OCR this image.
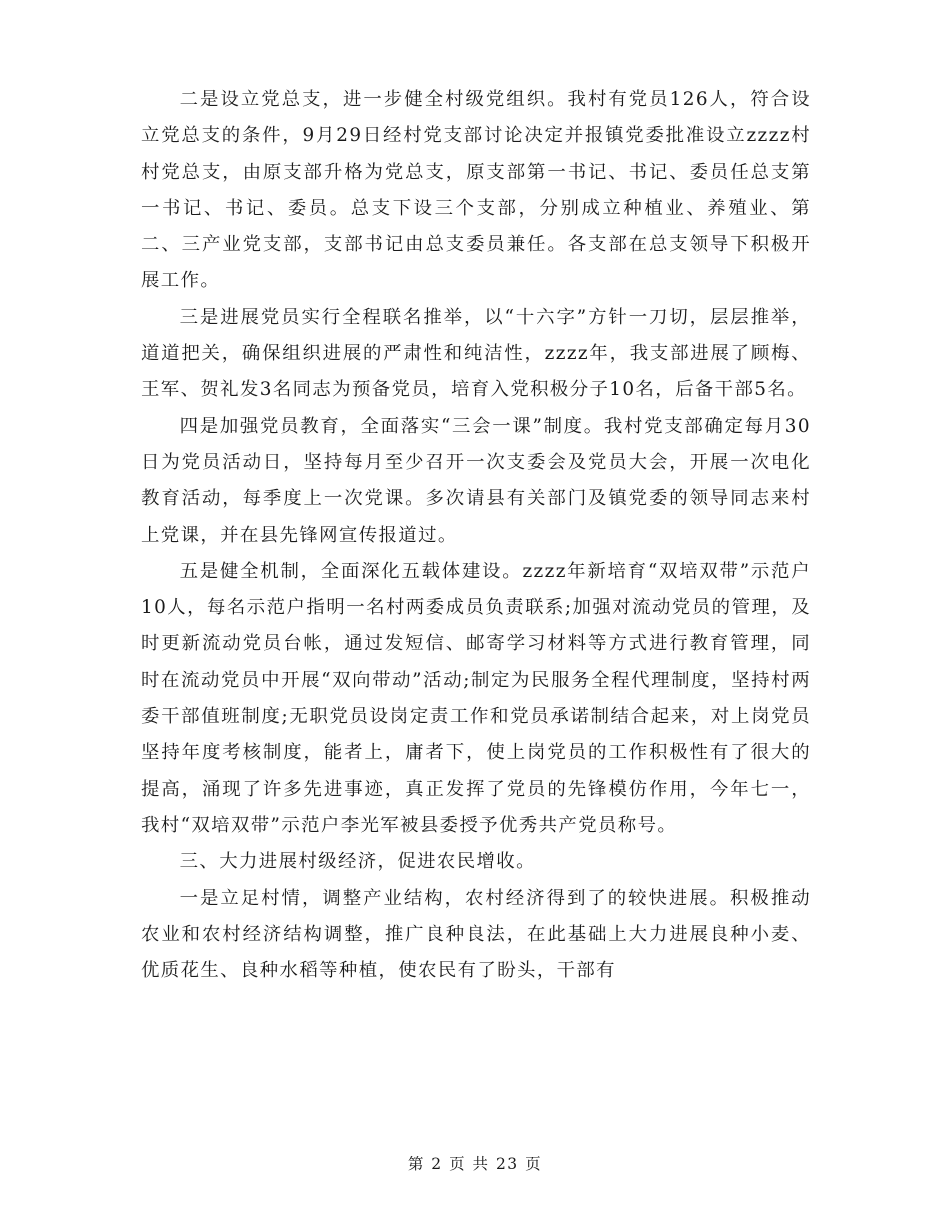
二是设立党总支，进一步健全村级党组织。我村有党员126人，符合设立党总支的条件，9月29日经村党支部讨论决定并报镇党委批准设立zzzz村村党总支，由原支部升格为党总支，原支部第一书记、书记、委员任总支第一书记、书记、委员。总支下设三个支部，分别成立种植业、养殖业、第二、三产业党支部，支部书记由总支委员兼任。各支部在总支领导下积极开展工作。

三是进展党员实行全程联名推举，以“十六字”方针一刀切，层层推举，道道把关，确保组织进展的严肃性和纯洁性，zzzz年，我支部进展了顾梅、王军、贺礼发3名同志为预备党员，培育入党积极分子10名，后备干部5名。

四是加强党员教育，全面落实“三会一课”制度。我村党支部确定每月30日为党员活动日，坚持每月至少召开一次支委会及党员大会，开展一次电化教育活动，每季度上一次党课。多次请县有关部门及镇党委的领导同志来村上党课，并在县先锋网宣传报道过。

五是健全机制，全面深化五载体建设。zzzz年新培育“双培双带”示范户10人，每名示范户指明一名村两委成员负责联系;加强对流动党员的管理，及时更新流动党员台帐，通过发短信、邮寄学习材料等方式进行教育管理，同时在流动党员中开展“双向带动”活动;制定为民服务全程代理制度，坚持村两委干部值班制度;无职党员设岗定责工作和党员承诺制结合起来，对上岗党员坚持年度考核制度，能者上，庸者下，使上岗党员的工作积极性有了很大的提高，涌现了许多先进事迹，真正发挥了党员的先锋模仿作用，今年七一，我村“双培双带”示范户李光军被县委授予优秀共产党员称号。

三、大力进展村级经济，促进农民增收。

一是立足村情，调整产业结构，农村经济得到了的较快进展。积极推动农业和农村经济结构调整，推广良种良法，在此基础上大力进展良种小麦、优质花生、良种水稻等种植，使农民有了盼头，干部有

第 2 页 共 23 页
